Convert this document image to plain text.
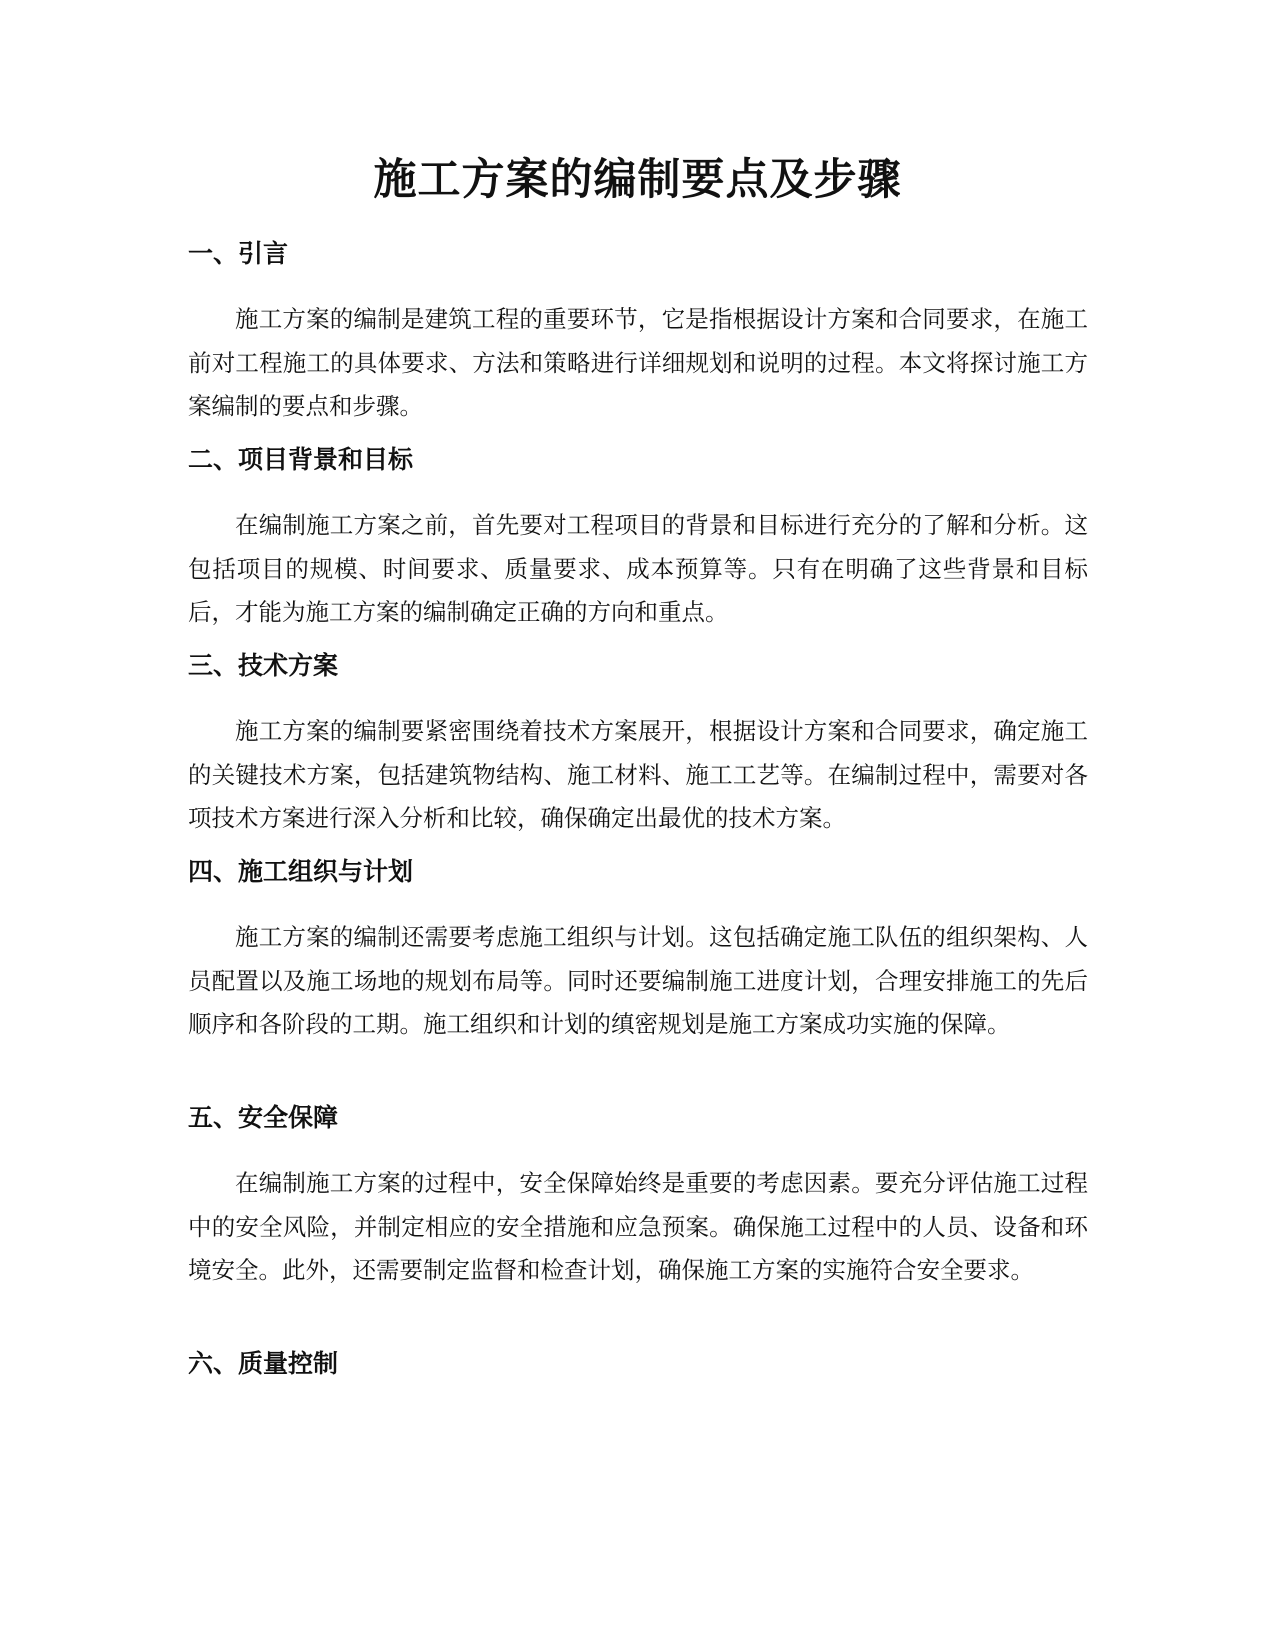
施工方案的编制要点及步骤
一、引言

施工方案的编制是建筑工程的重要环节，它是指根据设计方案和合同要求，在施工前对工程施工的具体要求、方法和策略进行详细规划和说明的过程。本文将探讨施工方案编制的要点和步骤。

二、项目背景和目标

在编制施工方案之前，首先要对工程项目的背景和目标进行充分的了解和分析。这包括项目的规模、时间要求、质量要求、成本预算等。只有在明确了这些背景和目标后，才能为施工方案的编制确定正确的方向和重点。

三、技术方案

施工方案的编制要紧密围绕着技术方案展开，根据设计方案和合同要求，确定施工的关键技术方案，包括建筑物结构、施工材料、施工工艺等。在编制过程中，需要对各项技术方案进行深入分析和比较，确保确定出最优的技术方案。

四、施工组织与计划

施工方案的编制还需要考虑施工组织与计划。这包括确定施工队伍的组织架构、人员配置以及施工场地的规划布局等。同时还要编制施工进度计划，合理安排施工的先后顺序和各阶段的工期。施工组织和计划的缜密规划是施工方案成功实施的保障。

五、安全保障

在编制施工方案的过程中，安全保障始终是重要的考虑因素。要充分评估施工过程中的安全风险，并制定相应的安全措施和应急预案。确保施工过程中的人员、设备和环境安全。此外，还需要制定监督和检查计划，确保施工方案的实施符合安全要求。

六、质量控制
